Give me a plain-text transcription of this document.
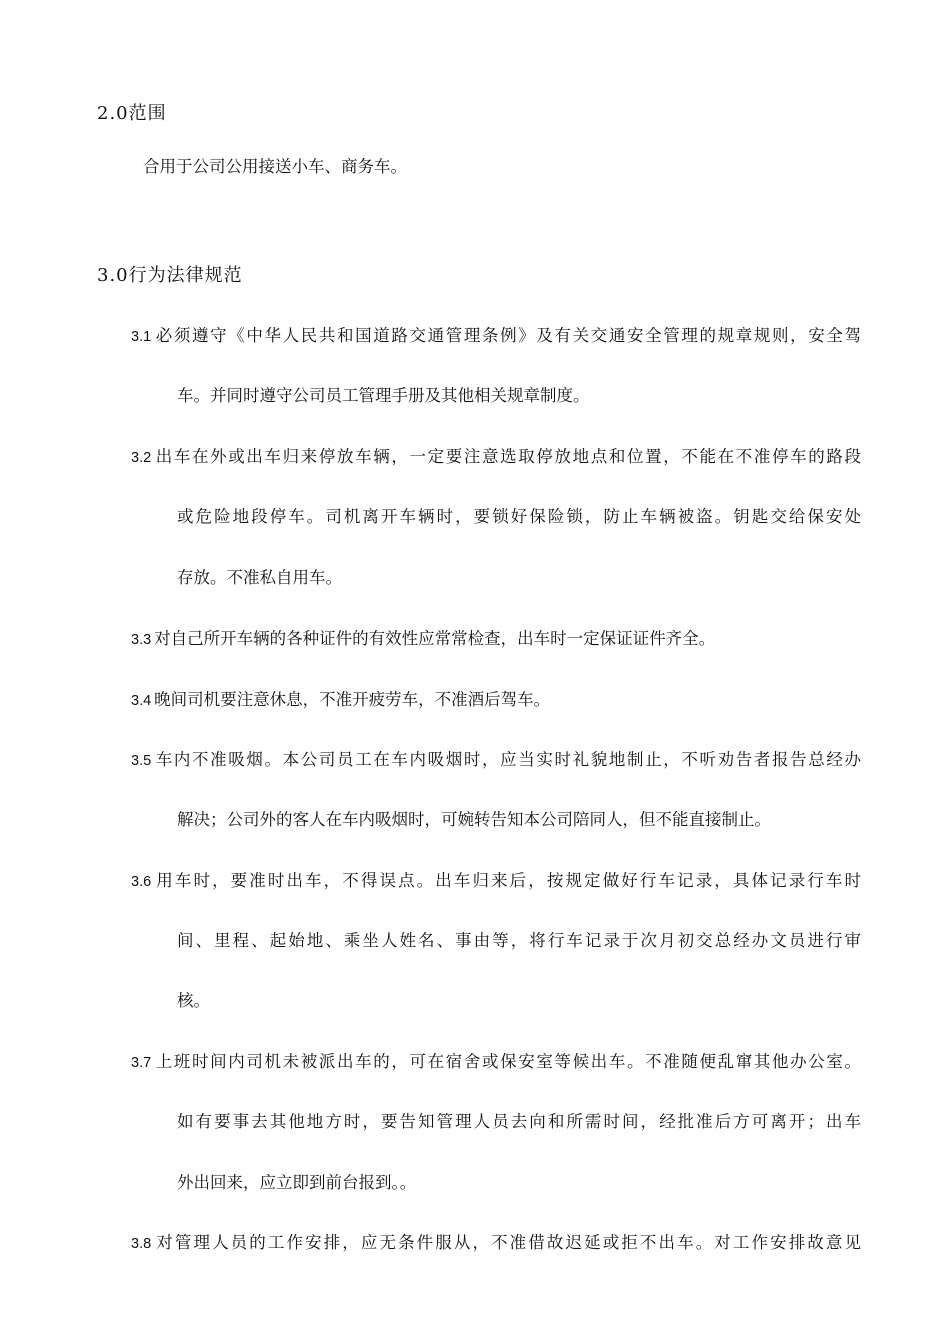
2.0范围
合用于公司公用接送小车、商务车。
3.0行为法律规范
3.1 必须遵守《中华人民共和国道路交通管理条例》及有关交通安全管理的规章规则，安全驾
车。并同时遵守公司员工管理手册及其他相关规章制度。
3.2 出车在外或出车归来停放车辆，一定要注意选取停放地点和位置，不能在不准停车的路段
或危险地段停车。司机离开车辆时，要锁好保险锁，防止车辆被盗。钥匙交给保安处
存放。不准私自用车。
3.3 对自己所开车辆的各种证件的有效性应常常检查，出车时一定保证证件齐全。
3.4 晚间司机要注意休息，不准开疲劳车，不准酒后驾车。
3.5 车内不准吸烟。本公司员工在车内吸烟时，应当实时礼貌地制止，不听劝告者报告总经办
解决；公司外的客人在车内吸烟时，可婉转告知本公司陪同人，但不能直接制止。
3.6 用车时，要准时出车，不得误点。出车归来后，按规定做好行车记录，具体记录行车时
间、里程、起始地、乘坐人姓名、事由等，将行车记录于次月初交总经办文员进行审
核。
3.7 上班时间内司机未被派出车的，可在宿舍或保安室等候出车。不准随便乱窜其他办公室。
如有要事去其他地方时，要告知管理人员去向和所需时间，经批准后方可离开；出车
外出回来，应立即到前台报到。。
3.8 对管理人员的工作安排，应无条件服从，不准借故迟延或拒不出车。对工作安排故意见
